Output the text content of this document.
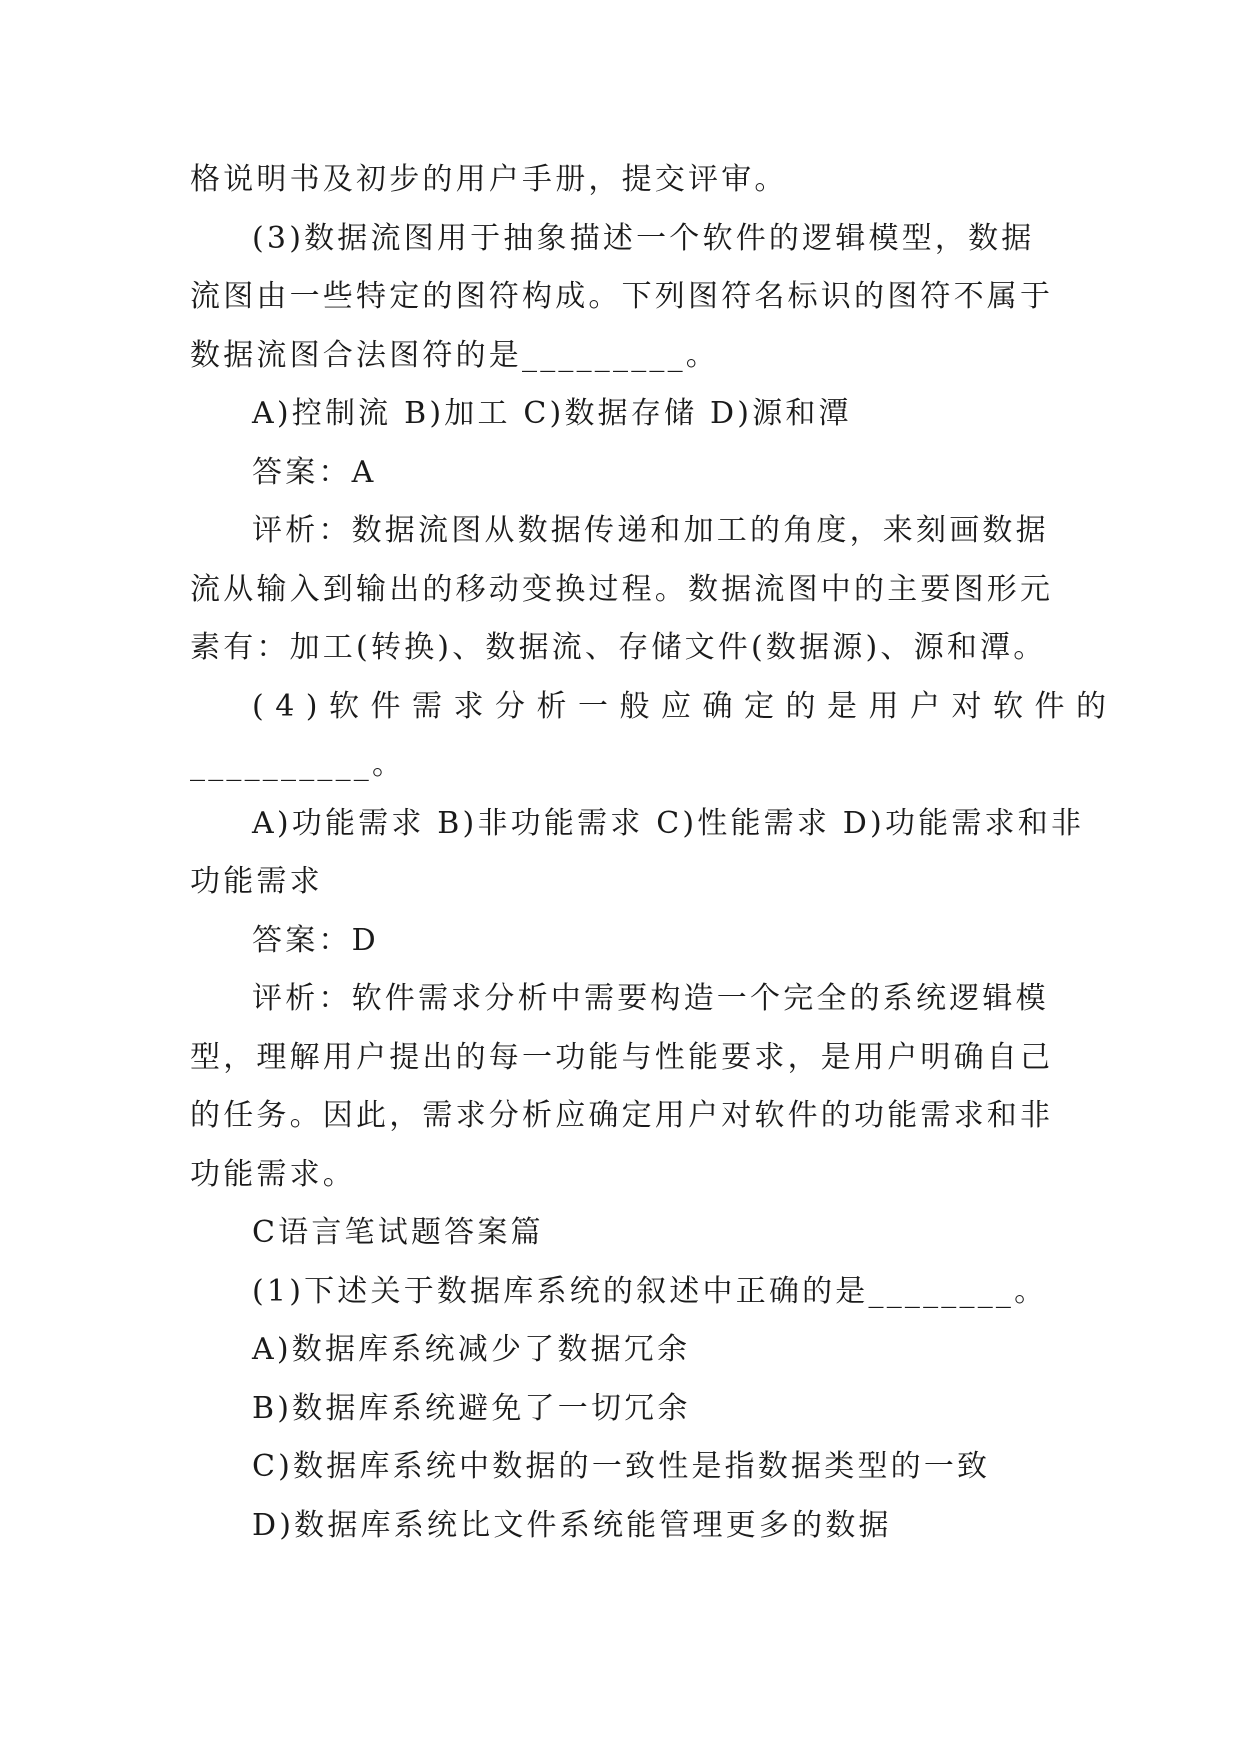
格说明书及初步的用户手册，提交评审。
(3)数据流图用于抽象描述一个软件的逻辑模型，数据
流图由一些特定的图符构成。下列图符名标识的图符不属于
数据流图合法图符的是_________。
A)控制流 B)加工 C)数据存储 D)源和潭
答案：A
评析：数据流图从数据传递和加工的角度，来刻画数据
流从输入到输出的移动变换过程。数据流图中的主要图形元
素有：加工(转换)、数据流、存储文件(数据源)、源和潭。
(4)软件需求分析一般应确定的是用户对软件的
__________。
A)功能需求 B)非功能需求 C)性能需求 D)功能需求和非
功能需求
答案：D
评析：软件需求分析中需要构造一个完全的系统逻辑模
型，理解用户提出的每一功能与性能要求，是用户明确自己
的任务。因此，需求分析应确定用户对软件的功能需求和非
功能需求。
C语言笔试题答案篇
(1)下述关于数据库系统的叙述中正确的是________。
A)数据库系统减少了数据冗余
B)数据库系统避免了一切冗余
C)数据库系统中数据的一致性是指数据类型的一致
D)数据库系统比文件系统能管理更多的数据
